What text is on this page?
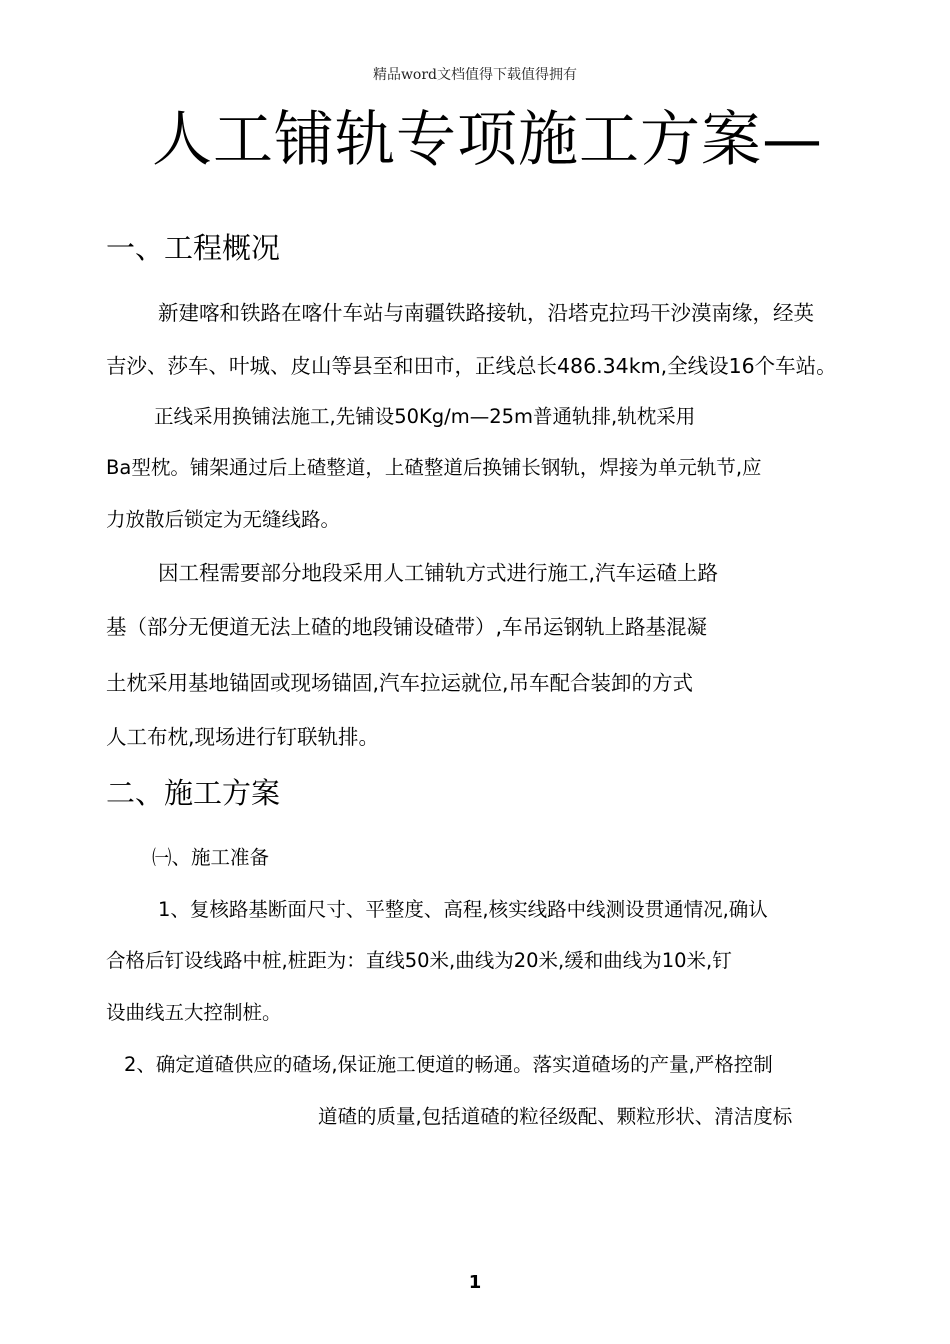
精品word文档值得下载值得拥有
人工铺轨专项施工方案—
一、工程概况
新建喀和铁路在喀什车站与南疆铁路接轨，沿塔克拉玛干沙漠南缘，经英
吉沙、莎车、叶城、皮山等县至和田市，正线总长486.34km,全线设16个车站。
正线采用换铺法施工,先铺设50Kg/m—25m普通轨排,轨枕采用
Ba型枕。铺架通过后上碴整道，上碴整道后换铺长钢轨，焊接为单元轨节,应
力放散后锁定为无缝线路。
因工程需要部分地段采用人工铺轨方式进行施工,汽车运碴上路
基（部分无便道无法上碴的地段铺设碴带）,车吊运钢轨上路基混凝
土枕采用基地锚固或现场锚固,汽车拉运就位,吊车配合装卸的方式
人工布枕,现场进行钉联轨排。
二、施工方案
㈠、施工准备
1、复核路基断面尺寸、平整度、高程,核实线路中线测设贯通情况,确认
合格后钉设线路中桩,桩距为：直线50米,曲线为20米,缓和曲线为10米,钉
设曲线五大控制桩。
2、确定道碴供应的碴场,保证施工便道的畅通。落实道碴场的产量,严格控制
道碴的质量,包括道碴的粒径级配、颗粒形状、清洁度标
1
